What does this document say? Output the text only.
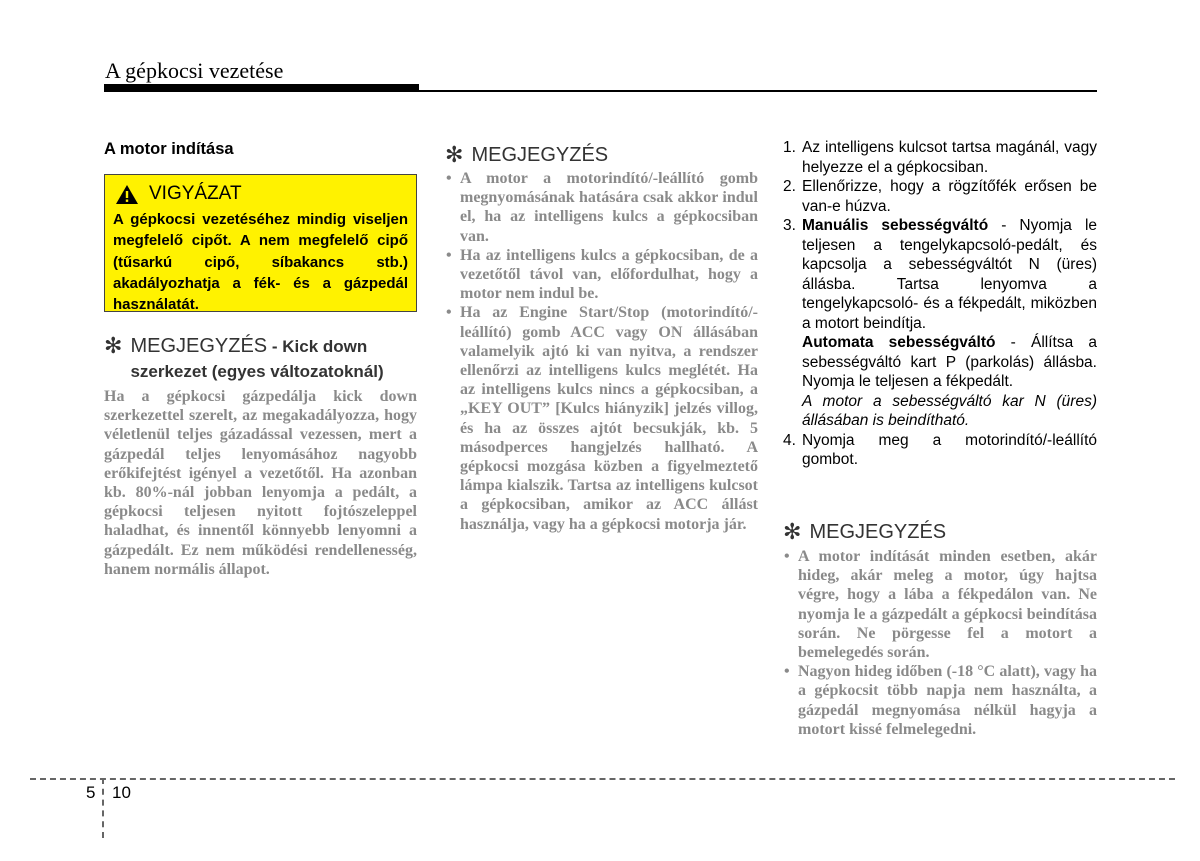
A gépkocsi vezetése
A motor indítása
VIGYÁZAT
A gépkocsi vezetéséhez mindig viseljen megfelelő cipőt. A nem megfelelő cipő (tűsarkú cipő, síbakancs stb.) akadályozhatja a fék- és a gázpedál használatát.
✻ MEGJEGYZÉS - Kick down szerkezet (egyes változatoknál)
Ha a gépkocsi gázpedálja kick down szerkezettel szerelt, az megakadályozza, hogy véletlenül teljes gázadással vezessen, mert a gázpedál teljes lenyomásához nagyobb erőkifejtést igényel a vezetőtől. Ha azonban kb. 80%-nál jobban lenyomja a pedált, a gépkocsi teljesen nyitott fojtószeleppel haladhat, és innentől könnyebb lenyomni a gázpedált. Ez nem működési rendellenesség, hanem normális állapot.
✻ MEGJEGYZÉS
• A motor a motorindító/-leállító gomb megnyomásának hatására csak akkor indul el, ha az intelligens kulcs a gépkocsiban van.
• Ha az intelligens kulcs a gépkocsiban, de a vezetőtől távol van, előfordulhat, hogy a motor nem indul be.
• Ha az Engine Start/Stop (motorindító/-leállító) gomb ACC vagy ON állásában valamelyik ajtó ki van nyitva, a rendszer ellenőrzi az intelligens kulcs meglétét. Ha az intelligens kulcs nincs a gépkocsiban, a „KEY OUT” [Kulcs hiányzik] jelzés villog, és ha az összes ajtót becsukják, kb. 5 másodperces hangjelzés hallható. A gépkocsi mozgása közben a figyelmeztető lámpa kialszik. Tartsa az intelligens kulcsot a gépkocsiban, amikor az ACC állást használja, vagy ha a gépkocsi motorja jár.
1. Az intelligens kulcsot tartsa magánál, vagy helyezze el a gépkocsiban.

2. Ellenőrizze, hogy a rögzítőfék erősen be van-e húzva.

3. Manuális sebességváltó - Nyomja le teljesen a tengelykapcsoló-pedált, és kapcsolja a sebességváltót N (üres) állásba. Tartsa lenyomva a tengelykapcsoló- és a fékpedált, miközben a motort beindítja.

Automata sebességváltó - Állítsa a sebességváltó kart P (parkolás) állásba. Nyomja le teljesen a fékpedált.

A motor a sebességváltó kar N (üres) állásában is beindítható.

4. Nyomja meg a motorindító/-leállító gombot.

✻ MEGJEGYZÉS
• A motor indítását minden esetben, akár hideg, akár meleg a motor, úgy hajtsa végre, hogy a lába a fékpedálon van. Ne nyomja le a gázpedált a gépkocsi beindítása során. Ne pörgesse fel a motort a bemelegedés során.
• Nagyon hideg időben (-18 °C alatt), vagy ha a gépkocsit több napja nem használta, a gázpedál megnyomása nélkül hagyja a motort kissé felmelegedni.
5 10
